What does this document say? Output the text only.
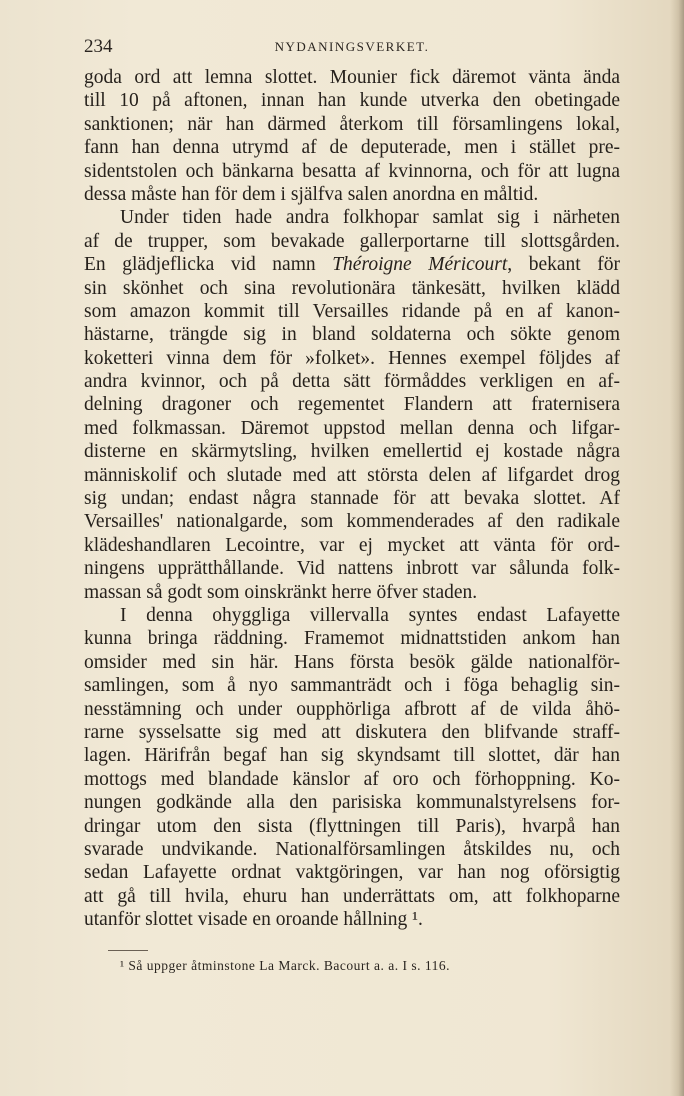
234	NYDANINGSVERKET.
goda ord att lemna slottet. Mounier fick däremot vänta ända
till 10 på aftonen, innan han kunde utverka den obetingade
sanktionen; när han därmed återkom till församlingens lokal,
fann han denna utrymd af de deputerade, men i stället pre-
sidentstolen och bänkarna besatta af kvinnorna, och för att lugna
dessa måste han för dem i själfva salen anordna en måltid.
Under tiden hade andra folkhopar samlat sig i närheten
af de trupper, som bevakade gallerportarne till slottsgården.
En glädjeflicka vid namn Théroigne Méricourt, bekant för
sin skönhet och sina revolutionära tänkesätt, hvilken klädd
som amazon kommit till Versailles ridande på en af kanon-
hästarne, trängde sig in bland soldaterna och sökte genom
koketteri vinna dem för »folket». Hennes exempel följdes af
andra kvinnor, och på detta sätt förmåddes verkligen en af-
delning dragoner och regementet Flandern att fraternisera
med folkmassan. Däremot uppstod mellan denna och lifgar-
disterne en skärmytsling, hvilken emellertid ej kostade några
människolif och slutade med att största delen af lifgardet drog
sig undan; endast några stannade för att bevaka slottet. Af
Versailles' nationalgarde, som kommenderades af den radikale
klädeshandlaren Lecointre, var ej mycket att vänta för ord-
ningens upprätthållande. Vid nattens inbrott var sålunda folk-
massan så godt som oinskränkt herre öfver staden.
I denna ohyggliga villervalla syntes endast Lafayette
kunna bringa räddning. Framemot midnattstiden ankom han
omsider med sin här. Hans första besök gälde nationalför-
samlingen, som å nyo sammanträdt och i föga behaglig sin-
nesstämning och under oupphörliga afbrott af de vilda åhö-
rarne sysselsatte sig med att diskutera den blifvande straff-
lagen. Härifrån begaf han sig skyndsamt till slottet, där han
mottogs med blandade känslor af oro och förhoppning. Ko-
nungen godkände alla den parisiska kommunalstyrelsens for-
dringar utom den sista (flyttningen till Paris), hvarpå han
svarade undvikande. Nationalförsamlingen åtskildes nu, och
sedan Lafayette ordnat vaktgöringen, var han nog oförsigtig
att gå till hvila, ehuru han underrättats om, att folkhoparne
utanför slottet visade en oroande hållning ¹.
¹ Så uppger åtminstone La Marck. Bacourt a. a. I s. 116.
